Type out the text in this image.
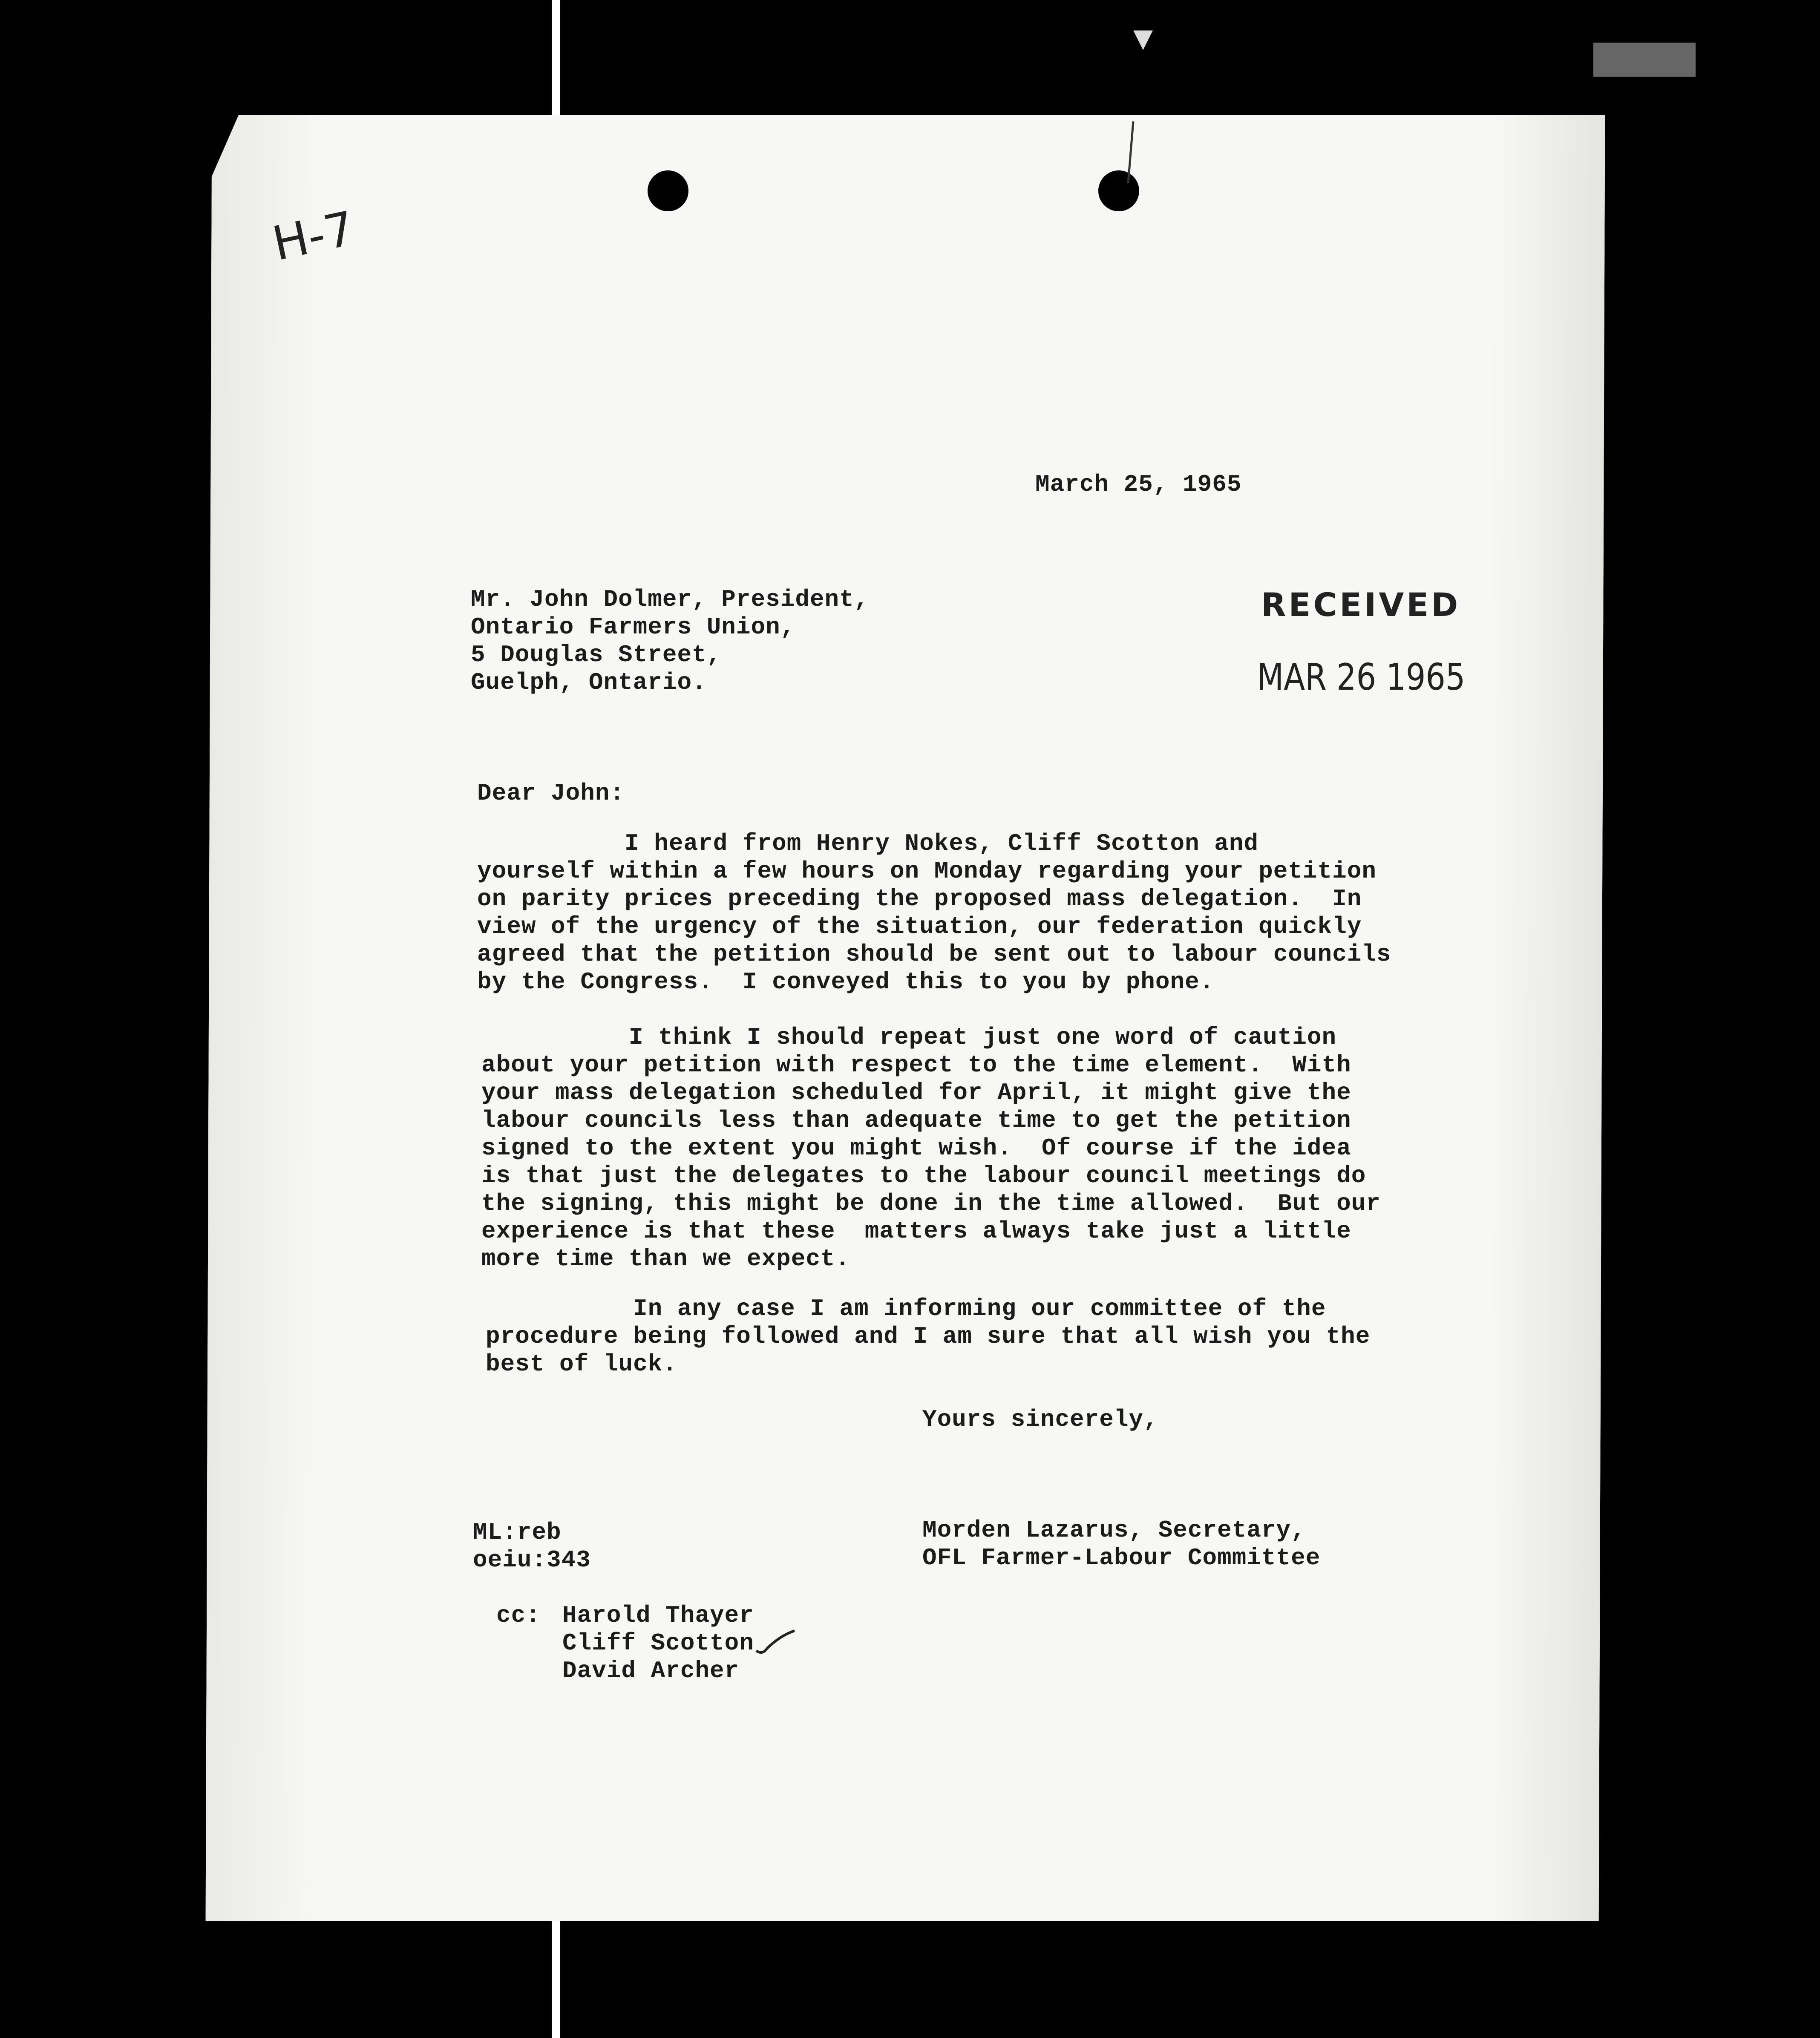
▼
H-7
March 25, 1965
Mr. John Dolmer, President,
Ontario Farmers Union,
5 Douglas Street,
Guelph, Ontario.
RECEIVED
MAR 26 1965
Dear John:
I heard from Henry Nokes, Cliff Scotton and
yourself within a few hours on Monday regarding your petition
on parity prices preceding the proposed mass delegation.  In
view of the urgency of the situation, our federation quickly
agreed that the petition should be sent out to labour councils
by the Congress.  I conveyed this to you by phone.
I think I should repeat just one word of caution
about your petition with respect to the time element.  With
your mass delegation scheduled for April, it might give the
labour councils less than adequate time to get the petition
signed to the extent you might wish.  Of course if the idea
is that just the delegates to the labour council meetings do
the signing, this might be done in the time allowed.  But our
experience is that these  matters always take just a little
more time than we expect.
In any case I am informing our committee of the
procedure being followed and I am sure that all wish you the
best of luck.
Yours sincerely,
ML:reb
oeiu:343
Morden Lazarus, Secretary,
OFL Farmer-Labour Committee
cc: Harold Thayer
Cliff Scotton
David Archer
